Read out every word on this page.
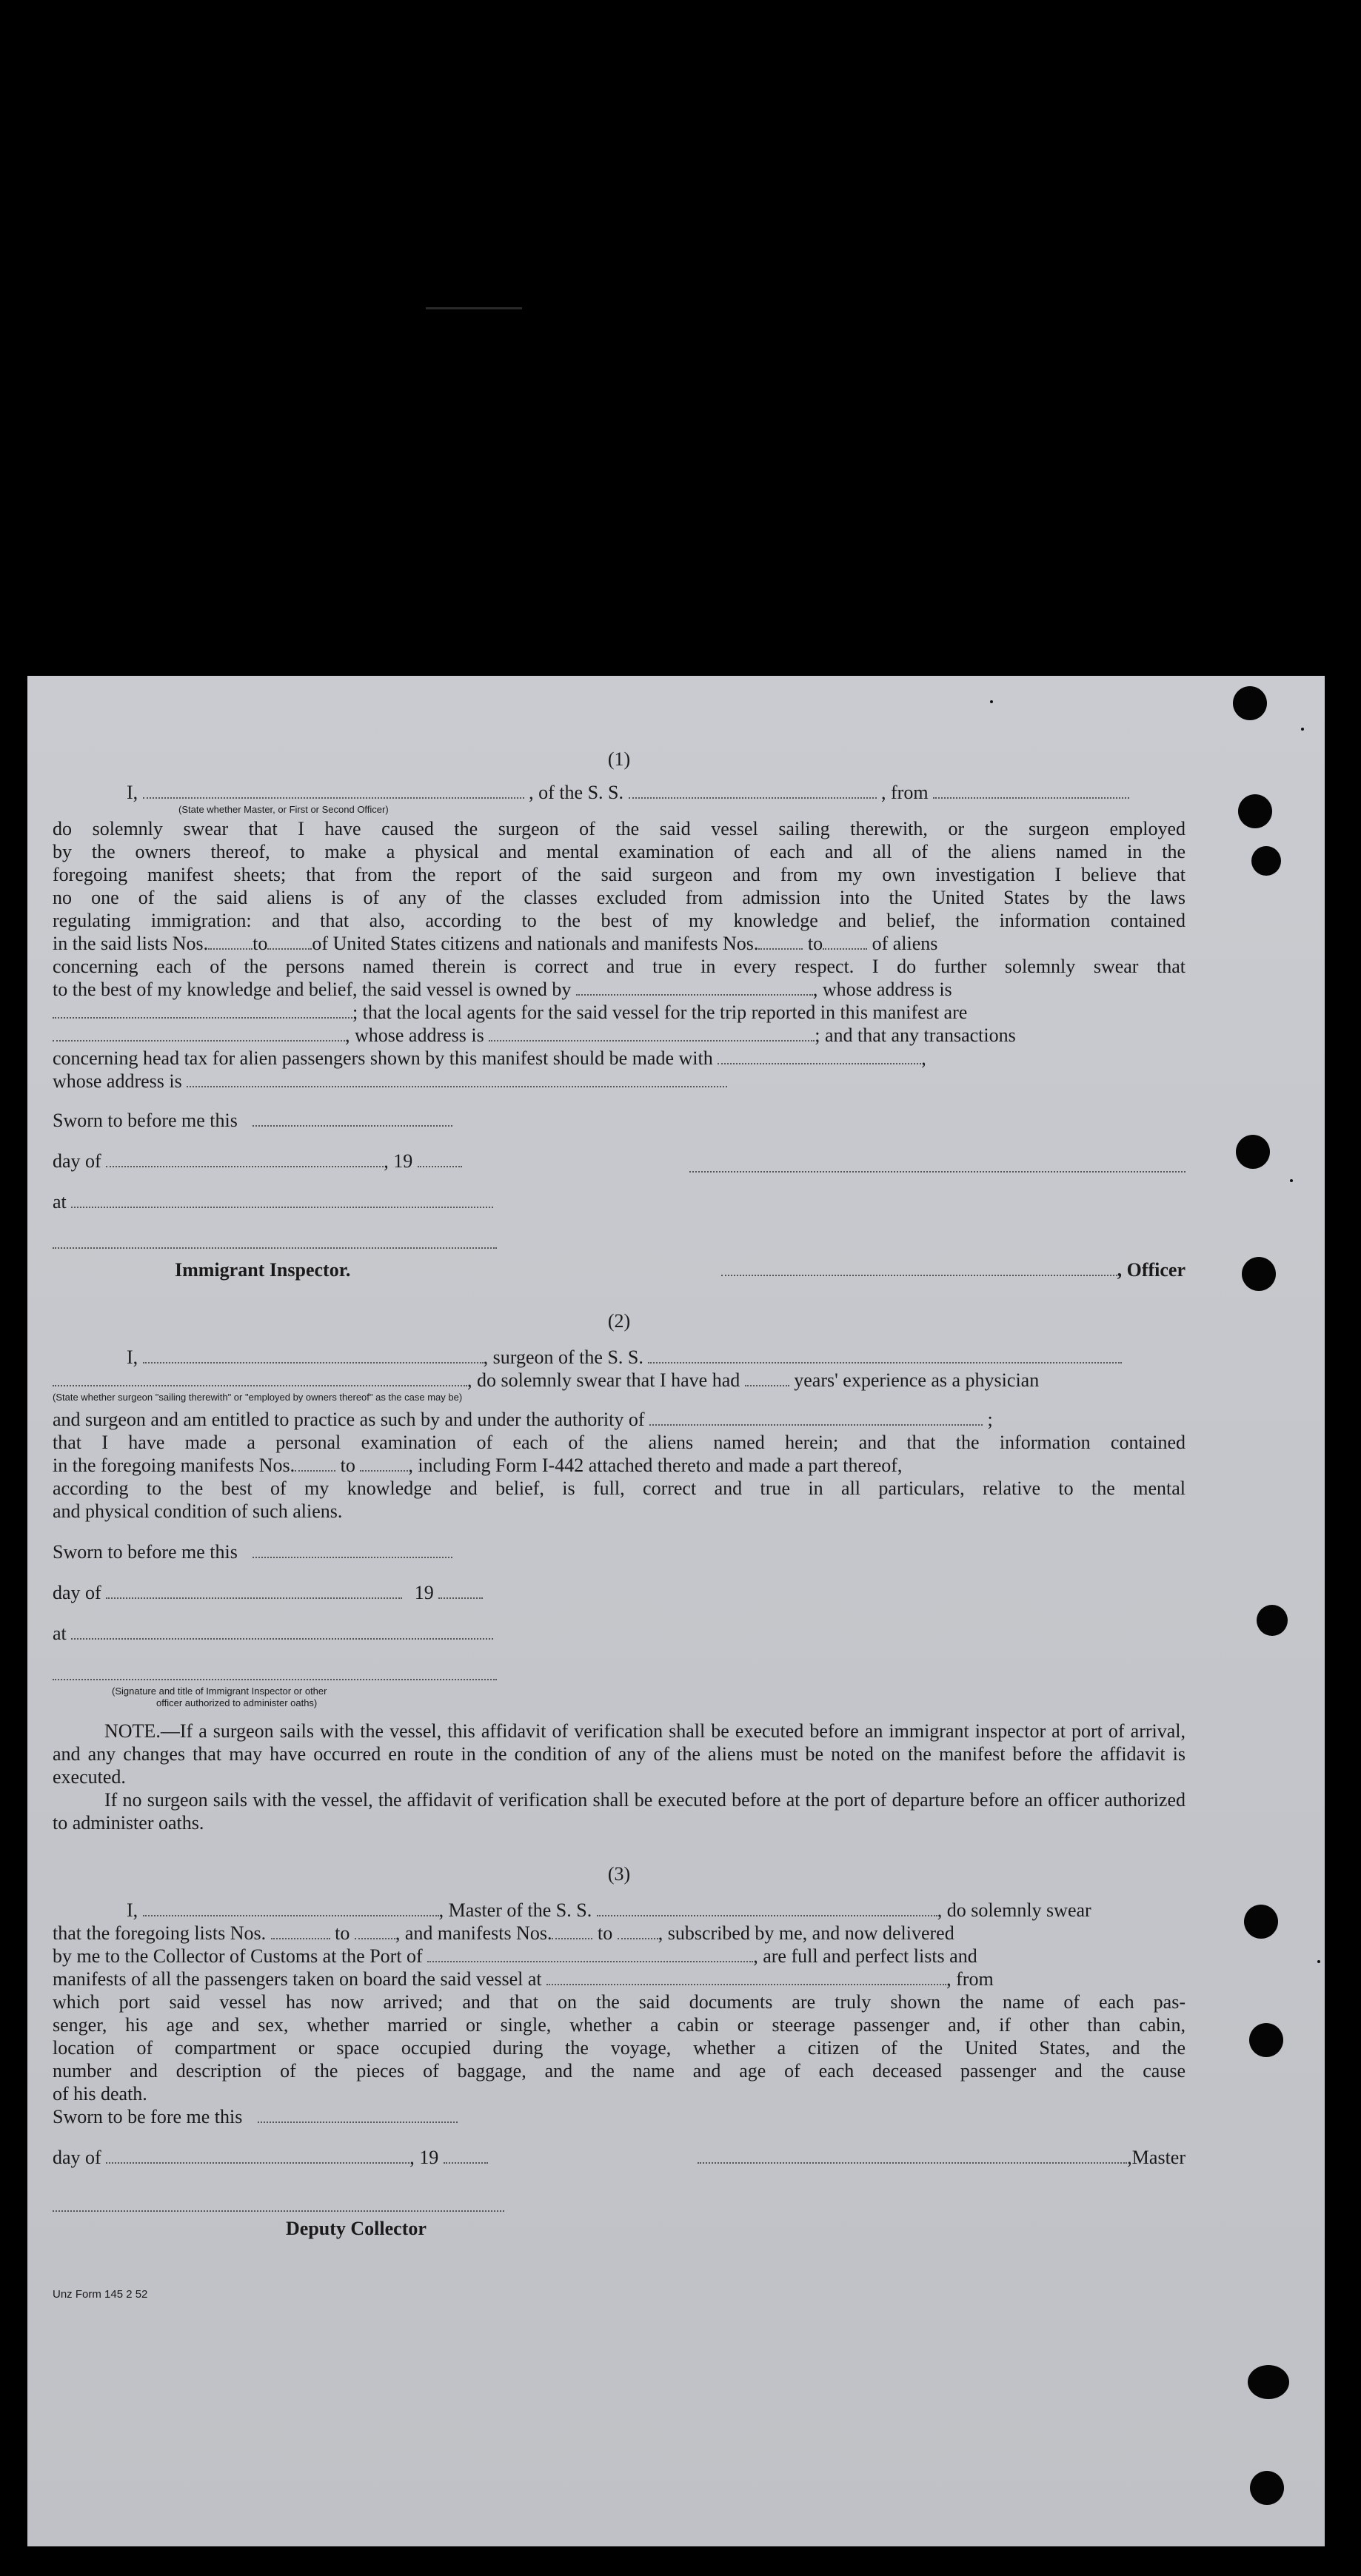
(1)
I,	, of the S. S.	, from
(State whether Master, or First or Second Officer)

do solemnly swear that I have caused the surgeon of the said vessel sailing therewith, or the surgeon employed

by the owners thereof, to make a physical and mental examination of each and all of the aliens named in the

foregoing manifest sheets; that from the report of the said surgeon and from my own investigation I believe that

no one of the said aliens is of any of the classes excluded from admission into the United States by the laws

regulating immigration: and that also, according to the best of my knowledge and belief, the information contained

in the said lists Nos. to of United States citizens and nationals and manifests Nos.	to	of aliens

concerning each of the persons named therein is correct and true in every respect. I do further solemnly swear that

to the best of my knowledge and belief, the said vessel is owned by	, whose address is
; that the local agents for the said vessel for the trip reported in this manifest are
, whose address is	; and that any transactions
concerning head tax for alien passengers shown by this manifest should be made with	,
whose address is
Sworn to before me this
day of	, 19
at
Immigrant Inspector.	, Officer
(2)
I,	, surgeon of the S. S.
, do solemnly swear that I have had	years' experience as a physician
(State whether surgeon "sailing therewith" or "employed by owners thereof" as the case may be)
and surgeon and am entitled to practice as such by and under the authority of	;

that I have made a personal examination of each of the aliens named herein; and that the information contained

in the foregoing manifests Nos. to	, including Form I-442 attached thereto and made a part thereof,

according to the best of my knowledge and belief, is full, correct and true in all particulars, relative to the mental

and physical condition of such aliens.

Sworn to before me this
day of	19
at
(Signature and title of Immigrant Inspector or other
officer authorized to administer oaths)

NOTE.—If a surgeon sails with the vessel, this affidavit of verification shall be executed before an immigrant inspector at port of arrival, and any changes that may have occurred en route in the condition of any of the aliens must be noted on the manifest before the affidavit is executed.

If no surgeon sails with the vessel, the affidavit of verification shall be executed before at the port of departure before an officer authorized to administer oaths.

(3)
I,	, Master of the S. S.	, do solemnly swear
that the foregoing lists Nos.	to , and manifests Nos. to , subscribed by me, and now delivered
by me to the Collector of Customs at the Port of	, are full and perfect lists and
manifests of all the passengers taken on board the said vessel at	, from

which port said vessel has now arrived; and that on the said documents are truly shown the name of each pas-

senger, his age and sex, whether married or single, whether a cabin or steerage passenger and, if other than cabin,

location of compartment or space occupied during the voyage, whether a citizen of the United States, and the

number and description of the pieces of baggage, and the name and age of each deceased passenger and the cause

of his death.

Sworn to be fore me this
day of	, 19	,Master
Deputy Collector
Unz Form 145 2 52
